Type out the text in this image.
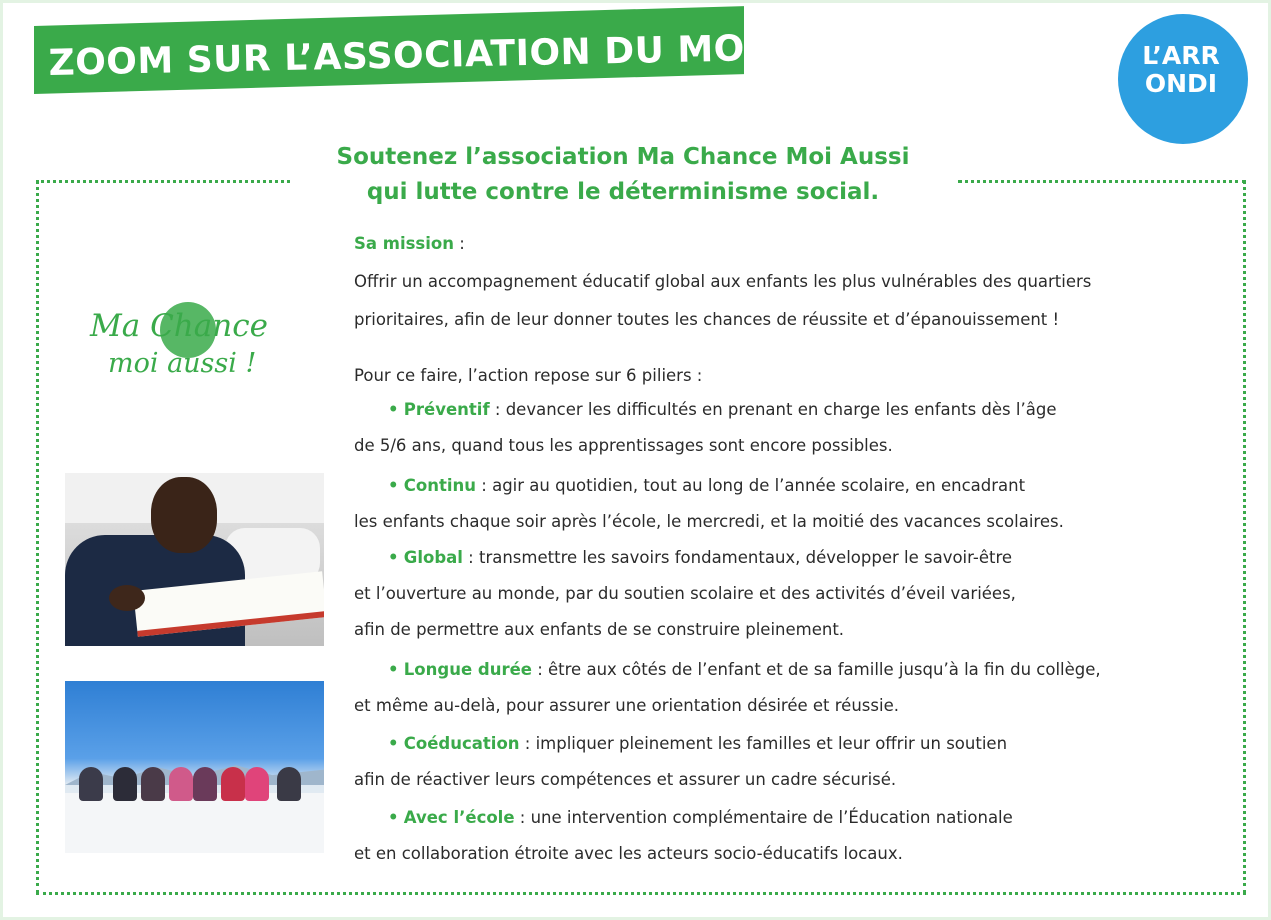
ZOOM SUR L’ASSOCIATION DU MOIS	L’ARR
ONDI
Soutenez l’association Ma Chance Moi Aussi
qui lutte contre le déterminisme social.
Ma Chance
moi aussi !
Sa mission :
Offrir un accompagnement éducatif global aux enfants les plus vulnérables des quartiers
prioritaires, afin de leur donner toutes les chances de réussite et d’épanouissement !
Pour ce faire, l’action repose sur 6 piliers :
• Préventif : devancer les difficultés en prenant en charge les enfants dès l’âge
de 5/6 ans, quand tous les apprentissages sont encore possibles.
• Continu : agir au quotidien, tout au long de l’année scolaire, en encadrant
les enfants chaque soir après l’école, le mercredi, et la moitié des vacances scolaires.
• Global : transmettre les savoirs fondamentaux, développer le savoir-être
et l’ouverture au monde, par du soutien scolaire et des activités d’éveil variées,
afin de permettre aux enfants de se construire pleinement.
• Longue durée : être aux côtés de l’enfant et de sa famille jusqu’à la fin du collège,
et même au-delà, pour assurer une orientation désirée et réussie.
• Coéducation : impliquer pleinement les familles et leur offrir un soutien
afin de réactiver leurs compétences et assurer un cadre sécurisé.
• Avec l’école : une intervention complémentaire de l’Éducation nationale
et en collaboration étroite avec les acteurs socio-éducatifs locaux.
